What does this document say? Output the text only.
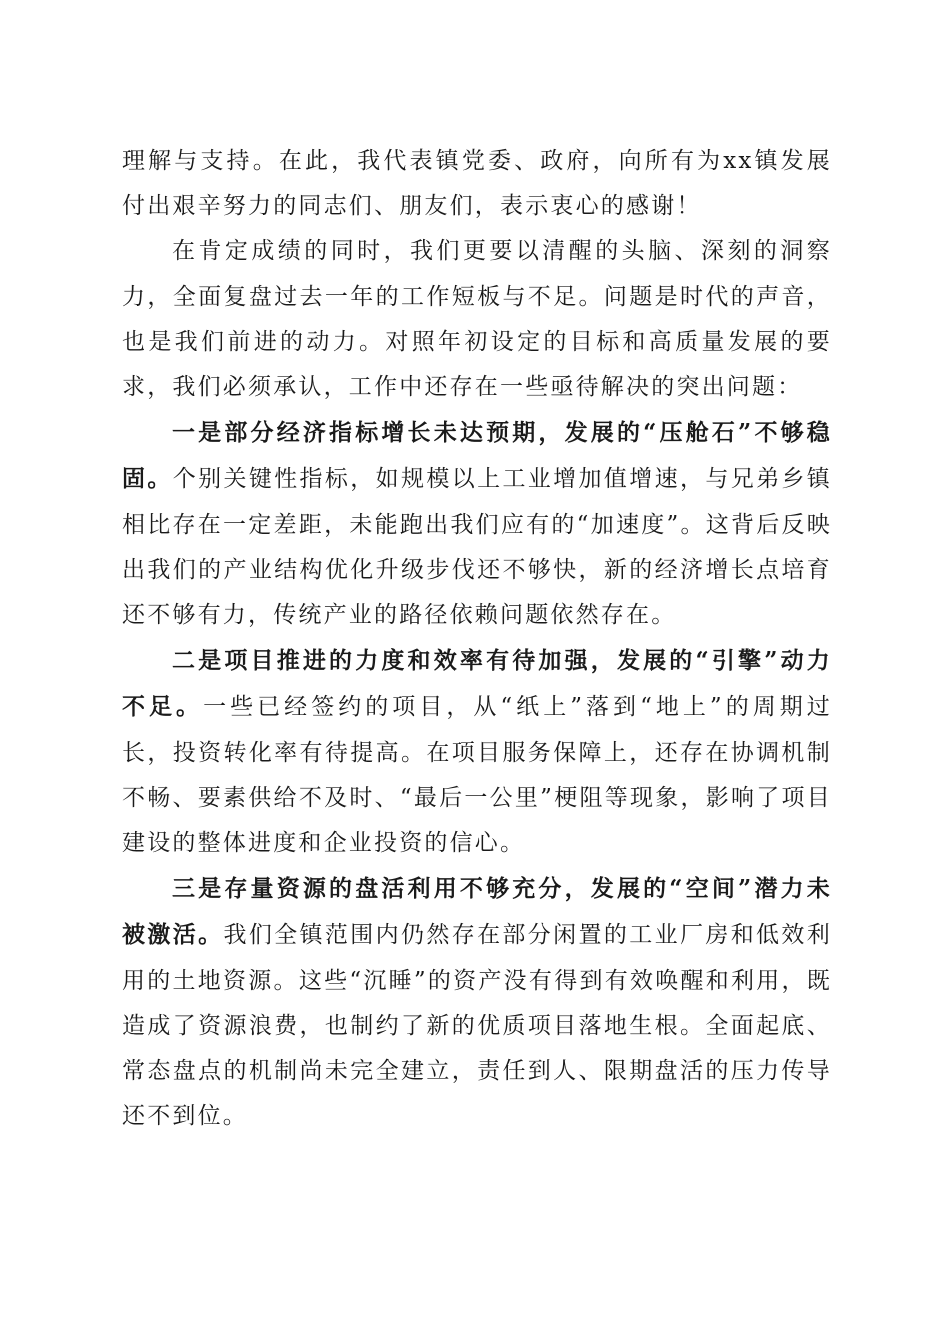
理解与支持。在此，我代表镇党委、政府，向所有为xx镇发展付出艰辛努力的同志们、朋友们，表示衷心的感谢！

在肯定成绩的同时，我们更要以清醒的头脑、深刻的洞察力，全面复盘过去一年的工作短板与不足。问题是时代的声音，也是我们前进的动力。对照年初设定的目标和高质量发展的要求，我们必须承认，工作中还存在一些亟待解决的突出问题：

一是部分经济指标增长未达预期，发展的“压舱石”不够稳固。个别关键性指标，如规模以上工业增加值增速，与兄弟乡镇相比存在一定差距，未能跑出我们应有的“加速度”。这背后反映出我们的产业结构优化升级步伐还不够快，新的经济增长点培育还不够有力，传统产业的路径依赖问题依然存在。

二是项目推进的力度和效率有待加强，发展的“引擎”动力不足。一些已经签约的项目，从“纸上”落到“地上”的周期过长，投资转化率有待提高。在项目服务保障上，还存在协调机制不畅、要素供给不及时、“最后一公里”梗阻等现象，影响了项目建设的整体进度和企业投资的信心。

三是存量资源的盘活利用不够充分，发展的“空间”潜力未被激活。我们全镇范围内仍然存在部分闲置的工业厂房和低效利用的土地资源。这些“沉睡”的资产没有得到有效唤醒和利用，既造成了资源浪费，也制约了新的优质项目落地生根。全面起底、常态盘点的机制尚未完全建立，责任到人、限期盘活的压力传导还不到位。
